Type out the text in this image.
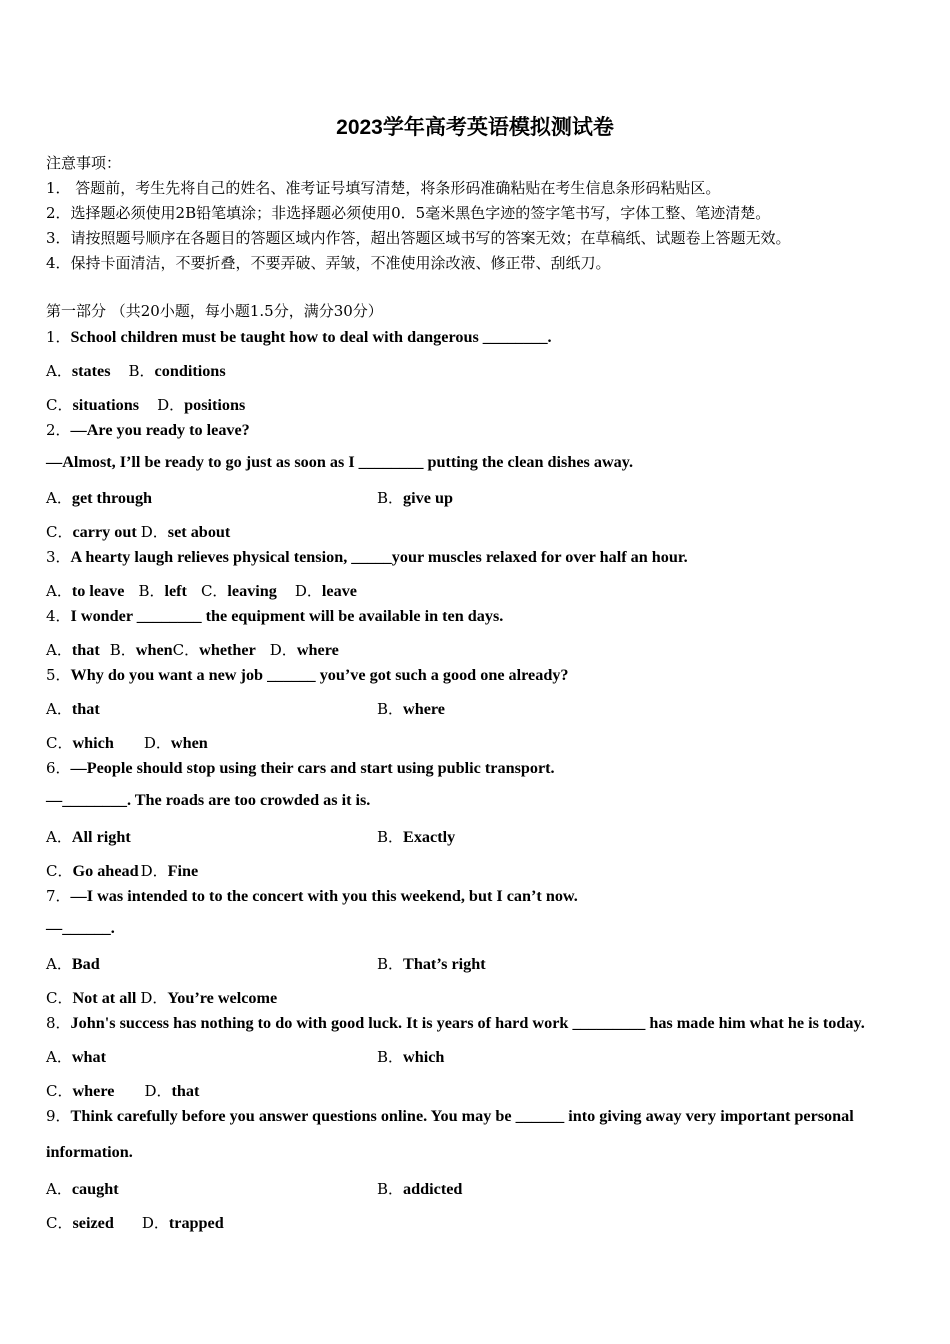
2023学年高考英语模拟测试卷
注意事项：
1． 答题前，考生先将自己的姓名、准考证号填写清楚，将条形码准确粘贴在考生信息条形码粘贴区。
2．选择题必须使用2B铅笔填涂；非选择题必须使用0．5毫米黑色字迹的签字笔书写，字体工整、笔迹清楚。
3．请按照题号顺序在各题目的答题区域内作答，超出答题区域书写的答案无效；在草稿纸、试题卷上答题无效。
4．保持卡面清洁，不要折叠，不要弄破、弄皱，不准使用涂改液、修正带、刮纸刀。
第一部分 （共20小题，每小题1.5分，满分30分）
1．School children must be taught how to deal with dangerous ________.
A．states B．conditions
C．situations D．positions
2．—Are you ready to leave?
—Almost, I’ll be ready to go just as soon as I ________ putting the clean dishes away.
A．get through	B．give up
C．carry out D．set about
3．A hearty laugh relieves physical tension, _____your muscles relaxed for over half an hour.
A．to leave B．left C．leaving D．leave
4．I wonder ________ the equipment will be available in ten days.
A．that B．whenC．whether D．where
5．Why do you want a new job ______ you’ve got such a good one already?
A．that	B．where
C．which D．when
6．—People should stop using their cars and start using public transport.
—________. The roads are too crowded as it is.
A．All right	B．Exactly
C．Go ahead D．Fine
7．—I was intended to to the concert with you this weekend, but I can’t now.
—______.
A．Bad	B．That’s right
C．Not at all D．You’re welcome
8．John's success has nothing to do with good luck. It is years of hard work _________ has made him what he is today.
A．what	B．which
C．where D．that
9．Think carefully before you answer questions online. You may be ______ into giving away very important personal
information.
A．caught	B．addicted
C．seized D．trapped
